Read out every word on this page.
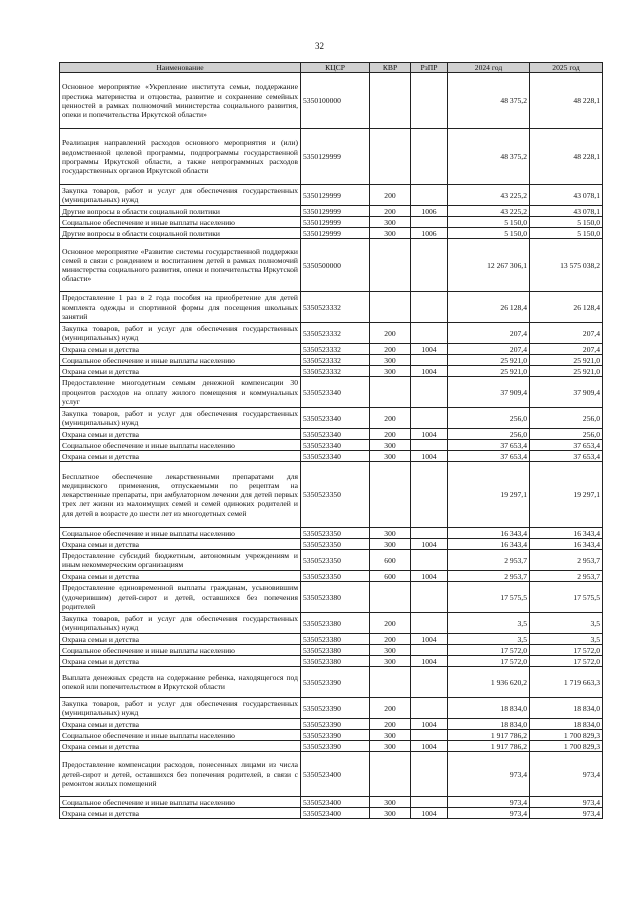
32
Наименование	КЦСР	КВР	РзПР	2024 год	2025 год
Основное мероприятие «Укрепление института семьи, поддержание престижа материнства и отцовства, развитие и сохранение семейных ценностей в рамках полномочий министерства социального развития, опеки и попечительства Иркутской области»	5350100000			48 375,2	48 228,1
Реализация направлений расходов основного мероприятия и (или) ведомственной целевой программы, подпрограммы государственной программы Иркутской области, а также непрограммных расходов государственных органов Иркутской области	5350129999			48 375,2	48 228,1
Закупка товаров, работ и услуг для обеспечения государственных (муниципальных) нужд	5350129999	200		43 225,2	43 078,1
Другие вопросы в области социальной политики	5350129999	200	1006	43 225,2	43 078,1
Социальное обеспечение и иные выплаты населению	5350129999	300		5 150,0	5 150,0
Другие вопросы в области социальной политики	5350129999	300	1006	5 150,0	5 150,0
Основное мероприятие «Развитие системы государственной поддержки семей в связи с рождением и воспитанием детей в рамках полномочий министерства социального развития, опеки и попечительства Иркутской области»	5350500000			12 267 306,1	13 575 038,2
Предоставление 1 раз в 2 года пособия на приобретение для детей комплекта одежды и спортивной формы для посещения школьных занятий	5350523332			26 128,4	26 128,4
Закупка товаров, работ и услуг для обеспечения государственных (муниципальных) нужд	5350523332	200		207,4	207,4
Охрана семьи и детства	5350523332	200	1004	207,4	207,4
Социальное обеспечение и иные выплаты населению	5350523332	300		25 921,0	25 921,0
Охрана семьи и детства	5350523332	300	1004	25 921,0	25 921,0
Предоставление многодетным семьям денежной компенсации 30 процентов расходов на оплату жилого помещения и коммунальных услуг	5350523340			37 909,4	37 909,4
Закупка товаров, работ и услуг для обеспечения государственных (муниципальных) нужд	5350523340	200		256,0	256,0
Охрана семьи и детства	5350523340	200	1004	256,0	256,0
Социальное обеспечение и иные выплаты населению	5350523340	300		37 653,4	37 653,4
Охрана семьи и детства	5350523340	300	1004	37 653,4	37 653,4
Бесплатное обеспечение лекарственными препаратами для медицинского применения, отпускаемыми по рецептам на лекарственные препараты, при амбулаторном лечении для детей первых трех лет жизни из малоимущих семей и семей одиноких родителей и для детей в возрасте до шести лет из многодетных семей	5350523350			19 297,1	19 297,1
Социальное обеспечение и иные выплаты населению	5350523350	300		16 343,4	16 343,4
Охрана семьи и детства	5350523350	300	1004	16 343,4	16 343,4
Предоставление субсидий бюджетным, автономным учреждениям и иным некоммерческим организациям	5350523350	600		2 953,7	2 953,7
Охрана семьи и детства	5350523350	600	1004	2 953,7	2 953,7
Предоставление единовременной выплаты гражданам, усыновившим (удочерившим) детей-сирот и детей, оставшихся без попечения родителей	5350523380			17 575,5	17 575,5
Закупка товаров, работ и услуг для обеспечения государственных (муниципальных) нужд	5350523380	200		3,5	3,5
Охрана семьи и детства	5350523380	200	1004	3,5	3,5
Социальное обеспечение и иные выплаты населению	5350523380	300		17 572,0	17 572,0
Охрана семьи и детства	5350523380	300	1004	17 572,0	17 572,0
Выплата денежных средств на содержание ребенка, находящегося под опекой или попечительством в Иркутской области	5350523390			1 936 620,2	1 719 663,3
Закупка товаров, работ и услуг для обеспечения государственных (муниципальных) нужд	5350523390	200		18 834,0	18 834,0
Охрана семьи и детства	5350523390	200	1004	18 834,0	18 834,0
Социальное обеспечение и иные выплаты населению	5350523390	300		1 917 786,2	1 700 829,3
Охрана семьи и детства	5350523390	300	1004	1 917 786,2	1 700 829,3
Предоставление компенсации расходов, понесенных лицами из числа детей-сирот и детей, оставшихся без попечения родителей, в связи с ремонтом жилых помещений	5350523400			973,4	973,4
Социальное обеспечение и иные выплаты населению	5350523400	300		973,4	973,4
Охрана семьи и детства	5350523400	300	1004	973,4	973,4
